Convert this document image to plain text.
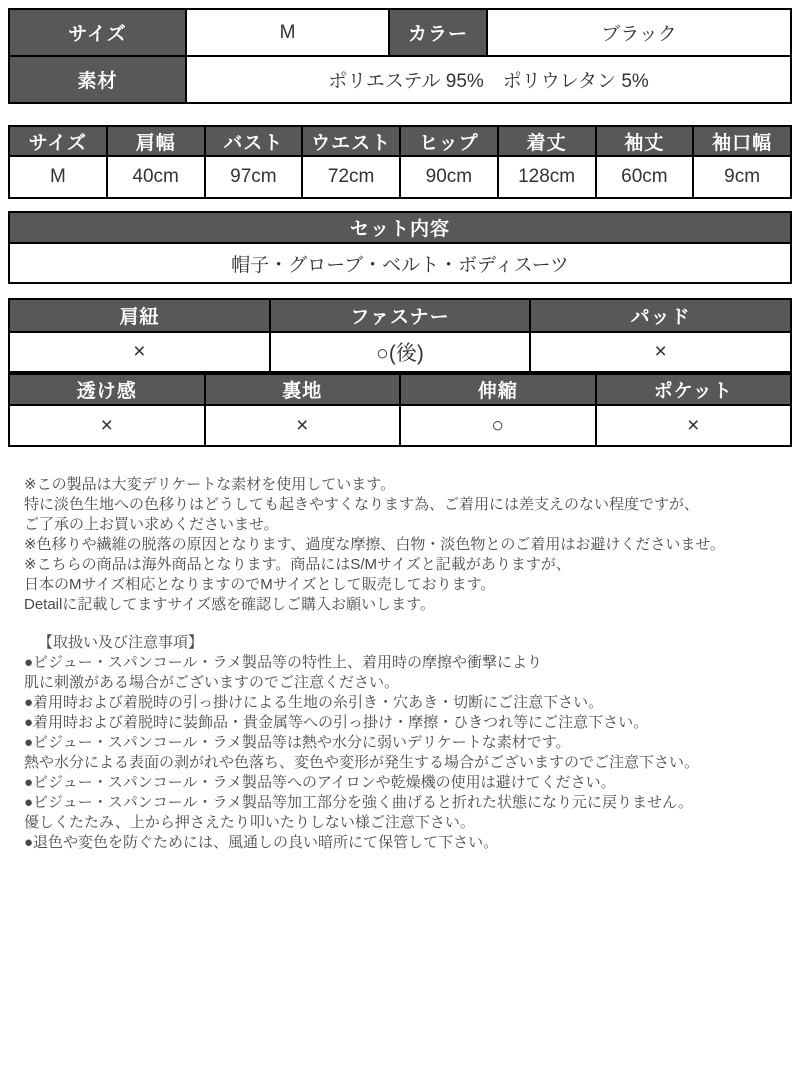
サイズ	M	カラー	ブラック
素材	ポリエステル 95%　ポリウレタン 5%		
サイズ	肩幅	バスト	ウエスト	ヒップ	着丈	袖丈	袖口幅
M	40cm	97cm	72cm	90cm	128cm	60cm	9cm
セット内容
帽子・グローブ・ベルト・ボディスーツ
肩紐	ファスナー	パッド
×	○(後)	×
透け感	裏地	伸縮	ポケット
×	×	○	×
※この製品は大変デリケートな素材を使用しています。
特に淡色生地への色移りはどうしても起きやすくなります為、ご着用には差支えのない程度ですが、
ご了承の上お買い求めくださいませ。
※色移りや繊維の脱落の原因となります、過度な摩擦、白物・淡色物とのご着用はお避けくださいませ。
※こちらの商品は海外商品となります。商品にはS/Mサイズと記載がありますが、
日本のMサイズ相応となりますのでMサイズとして販売しております。
Detailに記載してますサイズ感を確認しご購入お願いします。
【取扱い及び注意事項】
●ビジュー・スパンコール・ラメ製品等の特性上、着用時の摩擦や衝撃により
肌に刺激がある場合がございますのでご注意ください。
●着用時および着脱時の引っ掛けによる生地の糸引き・穴あき・切断にご注意下さい。
●着用時および着脱時に装飾品・貴金属等への引っ掛け・摩擦・ひきつれ等にご注意下さい。
●ビジュー・スパンコール・ラメ製品等は熱や水分に弱いデリケートな素材です。
熱や水分による表面の剥がれや色落ち、変色や変形が発生する場合がございますのでご注意下さい。
●ビジュー・スパンコール・ラメ製品等へのアイロンや乾燥機の使用は避けてください。
●ビジュー・スパンコール・ラメ製品等加工部分を強く曲げると折れた状態になり元に戻りません。
優しくたたみ、上から押さえたり叩いたりしない様ご注意下さい。
●退色や変色を防ぐためには、風通しの良い暗所にて保管して下さい。
